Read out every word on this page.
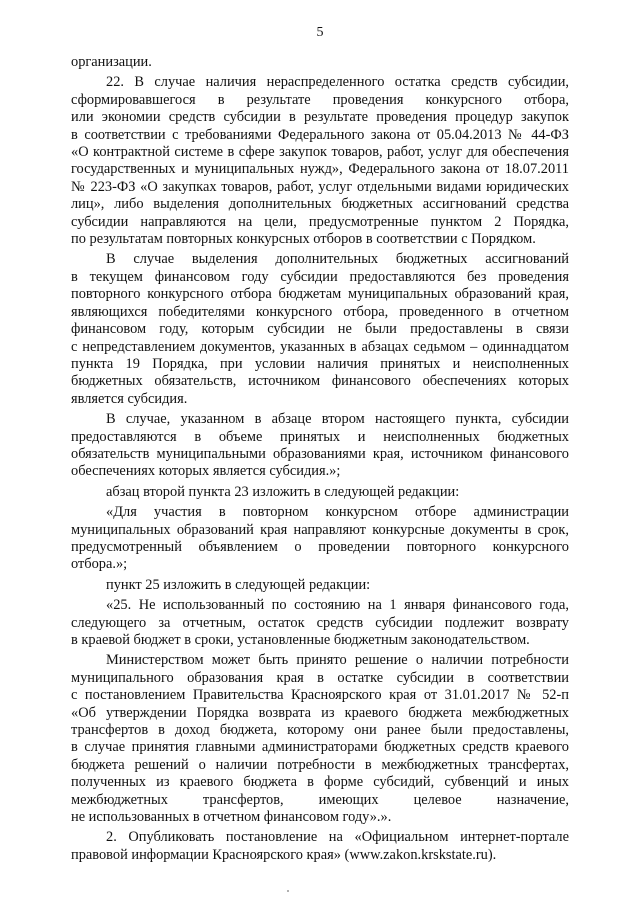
5
организации.
22. В случае наличия нераспределенного остатка средств субсидии,
сформировавшегося в результате проведения конкурсного отбора,
или экономии средств субсидии в результате проведения процедур закупок
в соответствии с требованиями Федерального закона от 05.04.2013 № 44-ФЗ
«О контрактной системе в сфере закупок товаров, работ, услуг для обеспечения
государственных и муниципальных нужд», Федерального закона от 18.07.2011
№ 223-ФЗ «О закупках товаров, работ, услуг отдельными видами юридических
лиц», либо выделения дополнительных бюджетных ассигнований средства
субсидии направляются на цели, предусмотренные пунктом 2 Порядка,
по результатам повторных конкурсных отборов в соответствии с Порядком.
В случае выделения дополнительных бюджетных ассигнований
в текущем финансовом году субсидии предоставляются без проведения
повторного конкурсного отбора бюджетам муниципальных образований края,
являющихся победителями конкурсного отбора, проведенного в отчетном
финансовом году, которым субсидии не были предоставлены в связи
с непредставлением документов, указанных в абзацах седьмом – одиннадцатом
пункта 19 Порядка, при условии наличия принятых и неисполненных
бюджетных обязательств, источником финансового обеспечениях которых
является субсидия.
В случае, указанном в абзаце втором настоящего пункта, субсидии
предоставляются в объеме принятых и неисполненных бюджетных
обязательств муниципальными образованиями края, источником финансового
обеспечениях которых является субсидия.»;
абзац второй пункта 23 изложить в следующей редакции:
«Для участия в повторном конкурсном отборе администрации
муниципальных образований края направляют конкурсные документы в срок,
предусмотренный объявлением о проведении повторного конкурсного
отбора.»;
пункт 25 изложить в следующей редакции:
«25. Не использованный по состоянию на 1 января финансового года,
следующего за отчетным, остаток средств субсидии подлежит возврату
в краевой бюджет в сроки, установленные бюджетным законодательством.
Министерством может быть принято решение о наличии потребности
муниципального образования края в остатке субсидии в соответствии
с постановлением Правительства Красноярского края от 31.01.2017 № 52-п
«Об утверждении Порядка возврата из краевого бюджета межбюджетных
трансфертов в доход бюджета, которому они ранее были предоставлены,
в случае принятия главными администраторами бюджетных средств краевого
бюджета решений о наличии потребности в межбюджетных трансфертах,
полученных из краевого бюджета в форме субсидий, субвенций и иных
межбюджетных трансфертов, имеющих целевое назначение,
не использованных в отчетном финансовом году».».
2. Опубликовать постановление на «Официальном интернет-портале
правовой информации Красноярского края» (www.zakon.krskstate.ru).
